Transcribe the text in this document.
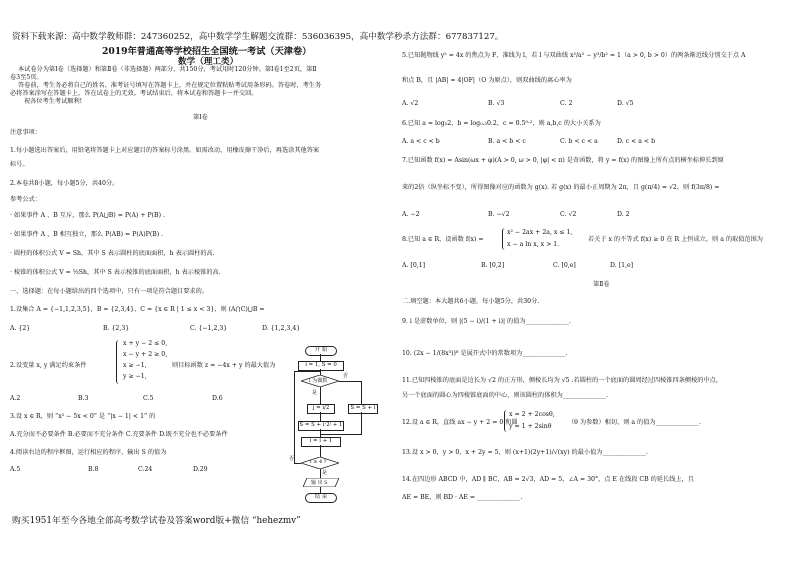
资料下载来源：高中数学教师群：247360252，高中数学学生解题交流群：536036395，高中数学秒杀方法群：677837127。
2019年普通高等学校招生全国统一考试（天津卷）
数学（理工类）
本试卷分为第Ⅰ卷（选择题）和第Ⅱ卷（非选择题）两部分，共150分，考试用时120分钟。第Ⅰ卷1至2页，第Ⅱ
卷3至5页。
答卷前，考生务必将自己的姓名、准考证号填写在答题卡上，并在规定位置粘贴考试用条形码。答卷时，考生务
必将答案涂写在答题卡上，答在试卷上的无效。考试结束后，将本试卷和答题卡一并交回。
祝各位考生考试顺利!
第Ⅰ卷
注意事项：
1.每小题选出答案后，用铅笔将答题卡上对应题目的答案标号涂黑。如需改动，用橡皮擦干净后，再选涂其他答案
标号。
2.本卷共8小题，每小题5分，共40分。
参考公式：
· 如果事件 A 、B 互斥，那么 P(A⋃B) = P(A) + P(B) .
· 如果事件 A 、B 相互独立，那么 P(AB) = P(A)P(B) .
· 圆柱的体积公式 V = Sh，其中 S 表示圆柱的底面面积，h 表示圆柱的高.
· 棱锥的体积公式 V = ⅓Sh，其中 S 表示棱锥的底面面积，h 表示棱锥的高.
一、选择题：在每小题给出的四个选项中，只有一项是符合题目要求的。
1.设集合 A = {−1,1,2,3,5}，B = {2,3,4}，C = {x ∈ R | 1 ≤ x < 3}，则 (A⋂C)⋃B =
A. {2}	B. {2,3}	C. {−1,2,3}	D. {1,2,3,4}
2.设变量 x, y 满足约束条件
x + y − 2 ≤ 0,
x − y + 2 ≥ 0,
x ≥ −1,
y ≥ −1,
则目标函数 z = −4x + y 的最大值为
A.2	B.3	C.5	D.6
3.设 x ∈ R，则 “x² − 5x < 0” 是 “|x − 1| < 1” 的
A.充分而不必要条件 B.必要而不充分条件 C.充要条件 D.既不充分也不必要条件
4.阅读右边的程序框图，运行相应的程序，输出 S 的值为
A.5	B.8	C.24	D.29
开 始
i = 1, S = 0
i 为偶数
否
是
j = i/2	S = S + i
S = S + i·2ʲ + 1
i = i + 1
i ≥ 4 ?
否
是
输 出 S
结 束
5.已知抛物线 y² = 4x 的焦点为 F，准线为 l，若 l 与双曲线 x²/a² − y²/b² = 1（a > 0, b > 0）的两条渐近线分别交于点 A
和点 B，且 |AB| = 4|OF|（O 为原点），则双曲线的离心率为
A. √2	B. √3	C. 2	D. √5
6.已知 a = log₅2，b = log₀.₅0.2，c = 0.5⁰·²，则 a,b,c 的大小关系为
A. a < c < b	B. a < b < c	C. b < c < a	D. c < a < b
7.已知函数 f(x) = Asin(ωx + φ)(A > 0, ω > 0, |φ| < π) 是奇函数，将 y = f(x) 的图像上所有点的横坐标伸长到原
来的2倍（纵坐标不变），所得图像对应的函数为 g(x). 若 g(x) 的最小正周期为 2π，且 g(π/4) = √2，则 f(3π/8) =
A. −2	B. −√2	C. √2	D. 2
8.已知 a ∈ R，设函数 f(x) =
x² − 2ax + 2a, x ≤ 1,
x − a ln x, x > 1.
若关于 x 的不等式 f(x) ≥ 0 在 R 上恒成立，则 a 的取值范围为
A. [0,1]	B. [0,2]	C. [0,e]	D. [1,e]
第Ⅱ卷
二.填空题：本大题共6小题，每小题5分，共30分.
9. i 是虚数单位，则 |(5 − i)/(1 + i)| 的值为______________.
10. (2x − 1/(8x³))⁸ 是展开式中的常数项为______________.
11.已知四棱锥的底面是边长为 √2 的正方形，侧棱长均为 √5 .若圆柱的一个底面的圆周经过四棱锥四条侧棱的中点，
另一个底面的圆心为四棱锥底面的中心，则该圆柱的体积为______________.
12.设 a ∈ R，直线 ax − y + 2 = 0 和圆
x = 2 + 2cosθ,
y = 1 + 2sinθ
（θ 为参数）相切，则 a 的值为______________.
13.设 x > 0，y > 0，x + 2y = 5，则 (x+1)(2y+1)/√(xy) 的最小值为______________.
14.在四边形 ABCD 中，AD ∥ BC，AB = 2√3，AD = 5，∠A = 30°，点 E 在线段 CB 的延长线上，且
AE = BE，则 BD · AE = ______________.
购买1951年至今各地全部高考数学试卷及答案word版+微信 “hehezmv”
